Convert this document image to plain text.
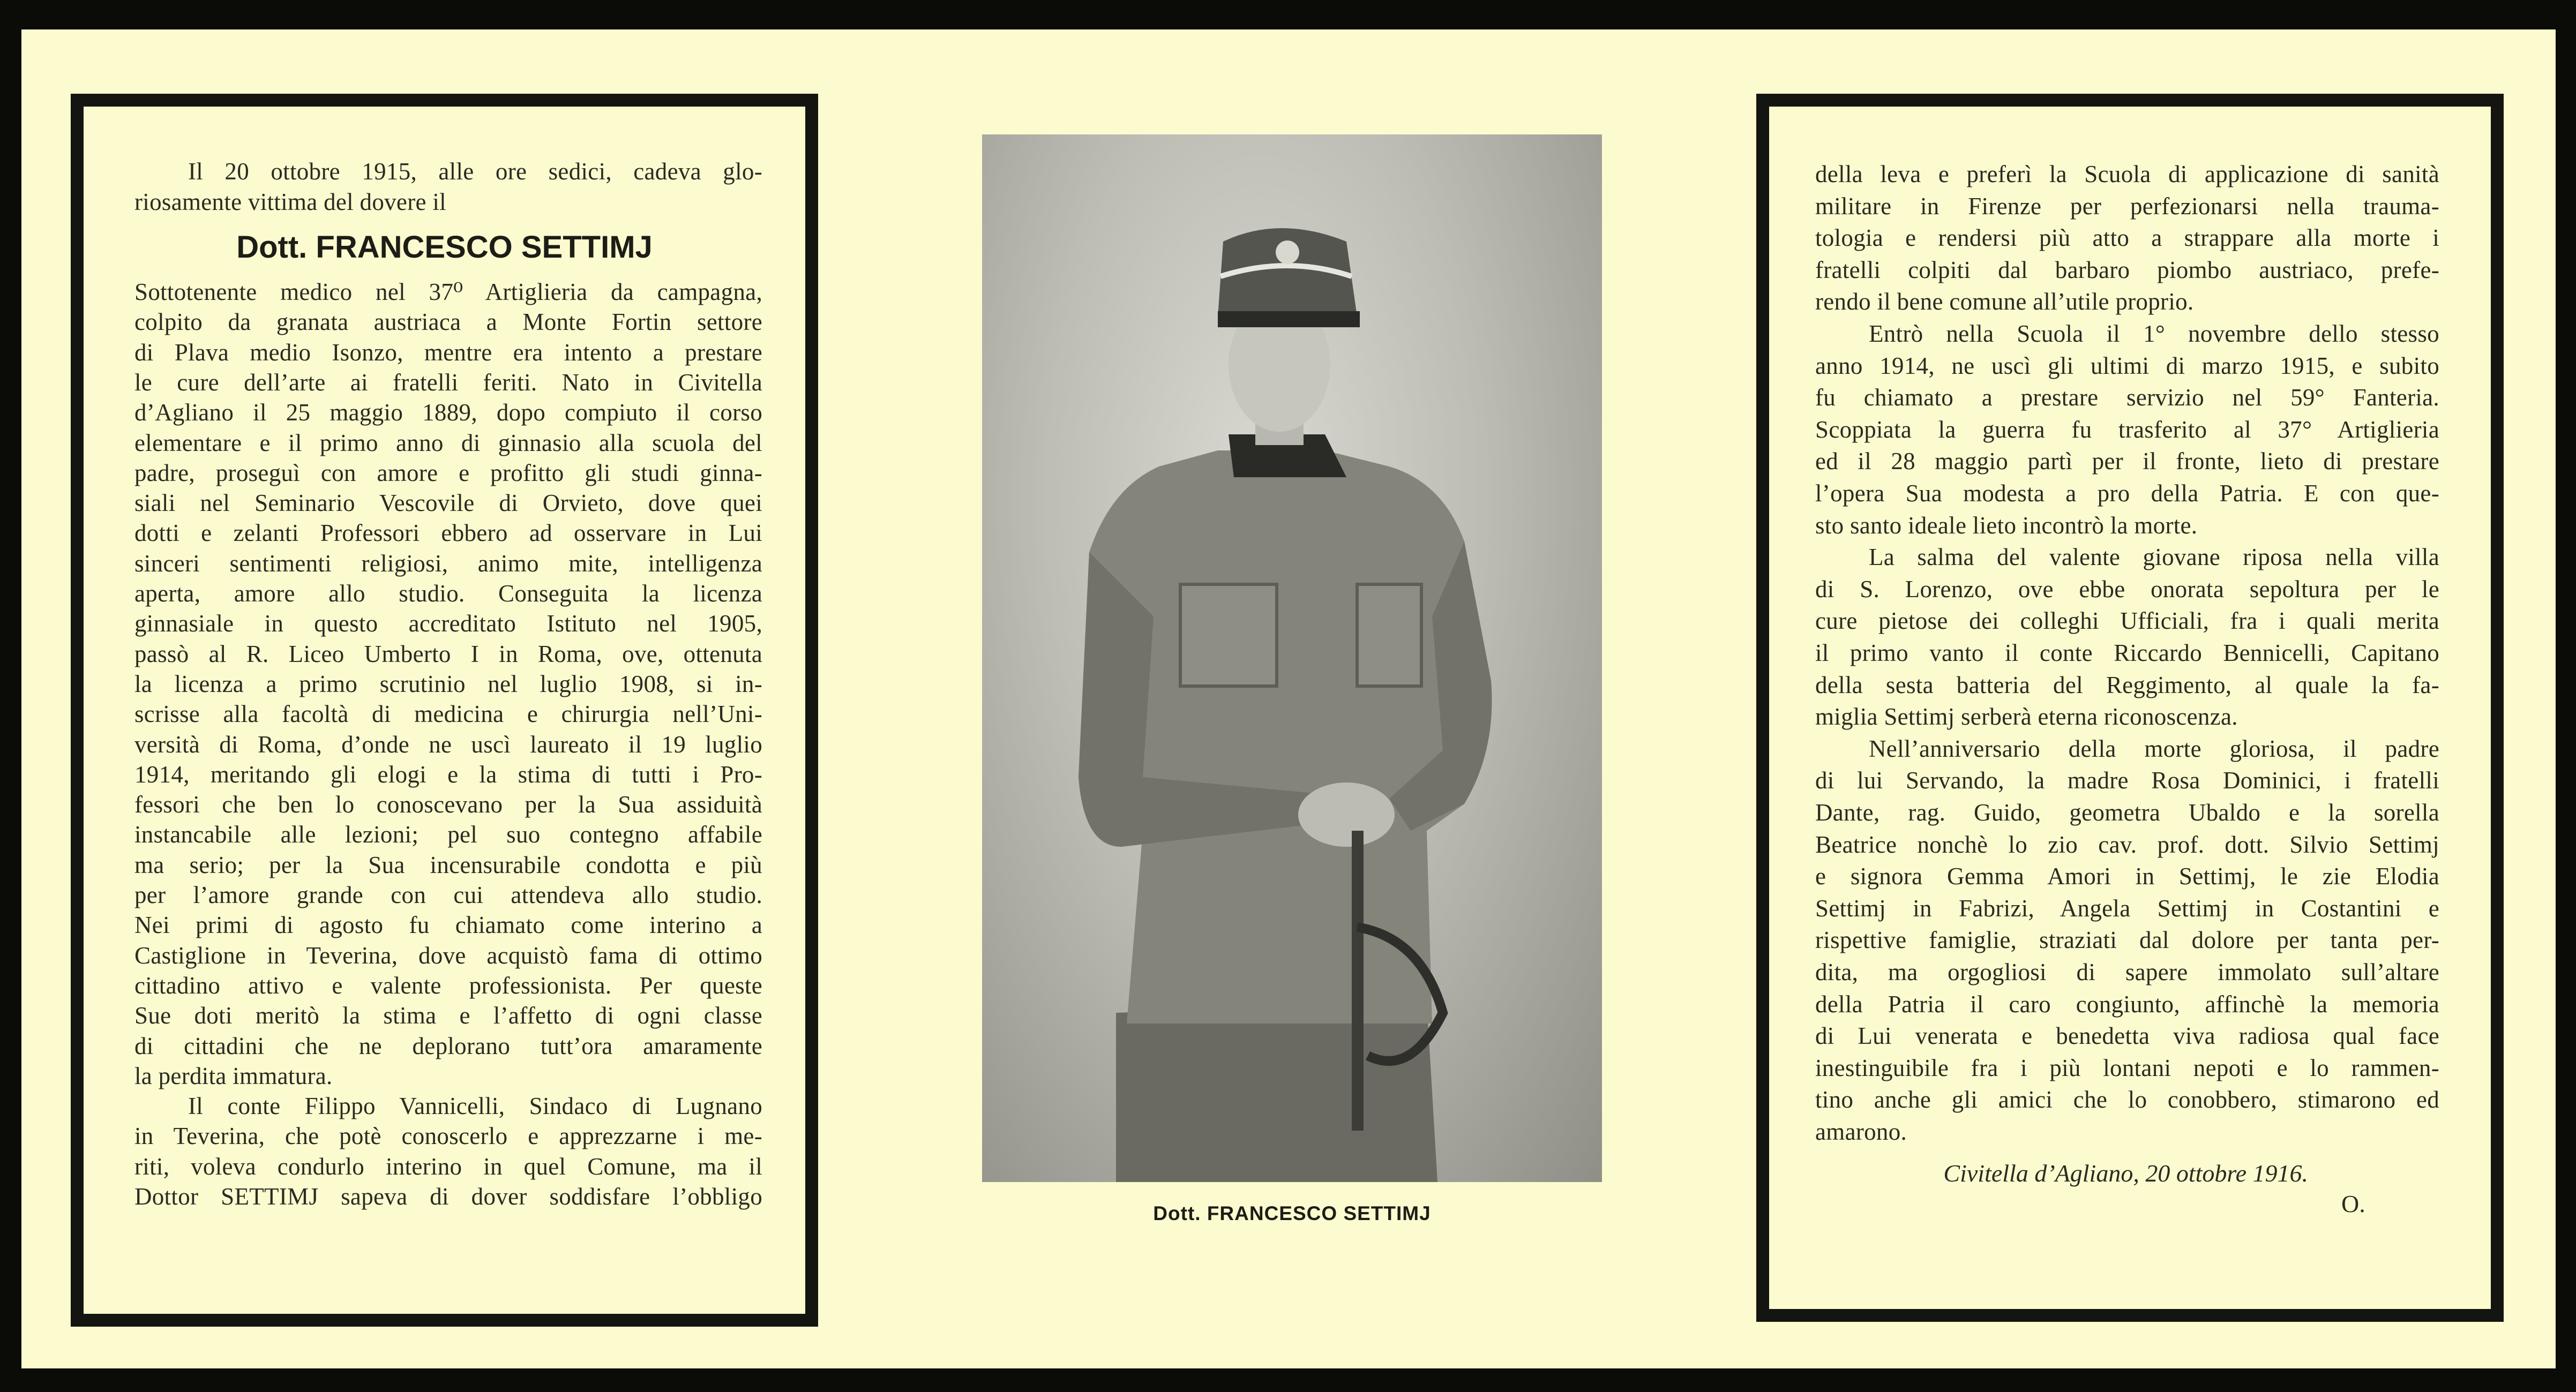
Dott. FRANCESCO SETTIMJ
Il 20 ottobre 1915, alle ore sedici, cadeva glo-
riosamente vittima del dovere il
Sottotenente medico nel 37⁰ Artiglieria da campagna,
colpito da granata austriaca a Monte Fortin settore
di Plava medio Isonzo, mentre era intento a prestare
le cure dell’arte ai fratelli feriti. Nato in Civitella
d’Agliano il 25 maggio 1889, dopo compiuto il corso
elementare e il primo anno di ginnasio alla scuola del
padre, proseguì con amore e profitto gli studi ginna-
siali nel Seminario Vescovile di Orvieto, dove quei
dotti e zelanti Professori ebbero ad osservare in Lui
sinceri sentimenti religiosi, animo mite, intelligenza
aperta, amore allo studio. Conseguita la licenza
ginnasiale in questo accreditato Istituto nel 1905,
passò al R. Liceo Umberto I in Roma, ove, ottenuta
la licenza a primo scrutinio nel luglio 1908, si in-
scrisse alla facoltà di medicina e chirurgia nell’Uni-
versità di Roma, d’onde ne uscì laureato il 19 luglio
1914, meritando gli elogi e la stima di tutti i Pro-
fessori che ben lo conoscevano per la Sua assiduità
instancabile alle lezioni; pel suo contegno affabile
ma serio; per la Sua incensurabile condotta e più
per l’amore grande con cui attendeva allo studio.
Nei primi di agosto fu chiamato come interino a
Castiglione in Teverina, dove acquistò fama di ottimo
cittadino attivo e valente professionista. Per queste
Sue doti meritò la stima e l’affetto di ogni classe
di cittadini che ne deplorano tutt’ora amaramente
la perdita immatura.
Il conte Filippo Vannicelli, Sindaco di Lugnano
in Teverina, che potè conoscerlo e apprezzarne i me-
riti, voleva condurlo interino in quel Comune, ma il
Dottor SETTIMJ sapeva di dover soddisfare l’obbligo
Dott. FRANCESCO SETTIMJ
della leva e preferì la Scuola di applicazione di sanità
militare in Firenze per perfezionarsi nella trauma-
tologia e rendersi più atto a strappare alla morte i
fratelli colpiti dal barbaro piombo austriaco, prefe-
rendo il bene comune all’utile proprio.
Entrò nella Scuola il 1° novembre dello stesso
anno 1914, ne uscì gli ultimi di marzo 1915, e subito
fu chiamato a prestare servizio nel 59° Fanteria.
Scoppiata la guerra fu trasferito al 37° Artiglieria
ed il 28 maggio partì per il fronte, lieto di prestare
l’opera Sua modesta a pro della Patria. E con que-
sto santo ideale lieto incontrò la morte.
La salma del valente giovane riposa nella villa
di S. Lorenzo, ove ebbe onorata sepoltura per le
cure pietose dei colleghi Ufficiali, fra i quali merita
il primo vanto il conte Riccardo Bennicelli, Capitano
della sesta batteria del Reggimento, al quale la fa-
miglia Settimj serberà eterna riconoscenza.
Nell’anniversario della morte gloriosa, il padre
di lui Servando, la madre Rosa Dominici, i fratelli
Dante, rag. Guido, geometra Ubaldo e la sorella
Beatrice nonchè lo zio cav. prof. dott. Silvio Settimj
e signora Gemma Amori in Settimj, le zie Elodia
Settimj in Fabrizi, Angela Settimj in Costantini e
rispettive famiglie, straziati dal dolore per tanta per-
dita, ma orgogliosi di sapere immolato sull’altare
della Patria il caro congiunto, affinchè la memoria
di Lui venerata e benedetta viva radiosa qual face
inestinguibile fra i più lontani nepoti e lo rammen-
tino anche gli amici che lo conobbero, stimarono ed
amarono.
Civitella d’Agliano, 20 ottobre 1916.
O.
